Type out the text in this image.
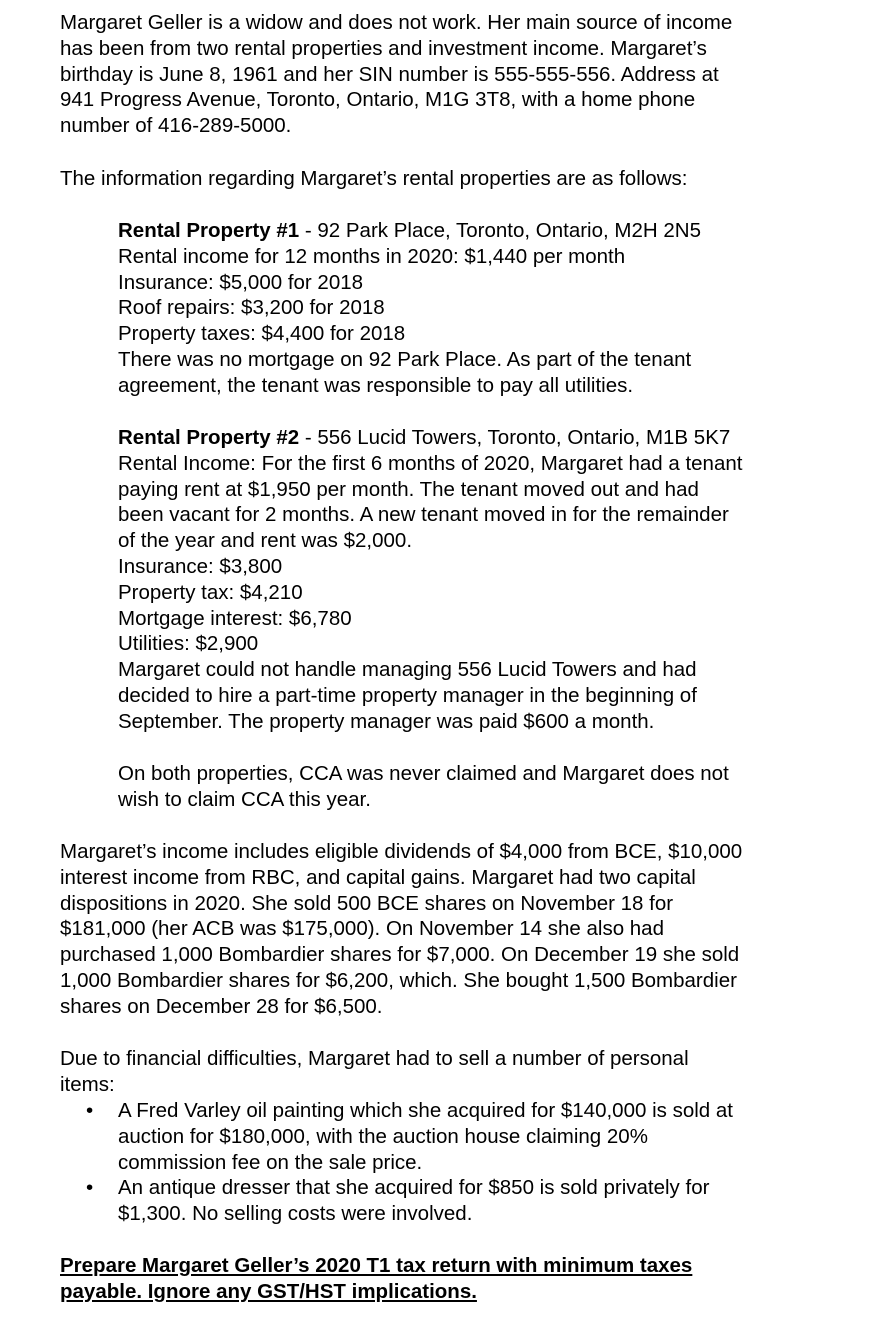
Margaret Geller is a widow and does not work. Her main source of income

has been from two rental properties and investment income. Margaret’s

birthday is June 8, 1961 and her SIN number is 555-555-556. Address at

941 Progress Avenue, Toronto, Ontario, M1G 3T8, with a home phone

number of 416-289-5000.

The information regarding Margaret’s rental properties are as follows:

Rental Property #1 - 92 Park Place, Toronto, Ontario, M2H 2N5

Rental income for 12 months in 2020: $1,440 per month

Insurance: $5,000 for 2018

Roof repairs: $3,200 for 2018

Property taxes: $4,400 for 2018

There was no mortgage on 92 Park Place. As part of the tenant

agreement, the tenant was responsible to pay all utilities.

Rental Property #2 - 556 Lucid Towers, Toronto, Ontario, M1B 5K7

Rental Income: For the first 6 months of 2020, Margaret had a tenant

paying rent at $1,950 per month. The tenant moved out and had

been vacant for 2 months. A new tenant moved in for the remainder

of the year and rent was $2,000.

Insurance: $3,800

Property tax: $4,210

Mortgage interest: $6,780

Utilities: $2,900

Margaret could not handle managing 556 Lucid Towers and had

decided to hire a part-time property manager in the beginning of

September. The property manager was paid $600 a month.

On both properties, CCA was never claimed and Margaret does not

wish to claim CCA this year.

Margaret’s income includes eligible dividends of $4,000 from BCE, $10,000

interest income from RBC, and capital gains. Margaret had two capital

dispositions in 2020. She sold 500 BCE shares on November 18 for

$181,000 (her ACB was $175,000). On November 14 she also had

purchased 1,000 Bombardier shares for $7,000. On December 19 she sold

1,000 Bombardier shares for $6,200, which. She bought 1,500 Bombardier

shares on December 28 for $6,500.

Due to financial difficulties, Margaret had to sell a number of personal

items:

• A Fred Varley oil painting which she acquired for $140,000 is sold at

auction for $180,000, with the auction house claiming 20%

commission fee on the sale price.

• An antique dresser that she acquired for $850 is sold privately for

$1,300. No selling costs were involved.

Prepare Margaret Geller’s 2020 T1 tax return with minimum taxes

payable. Ignore any GST/HST implications.
